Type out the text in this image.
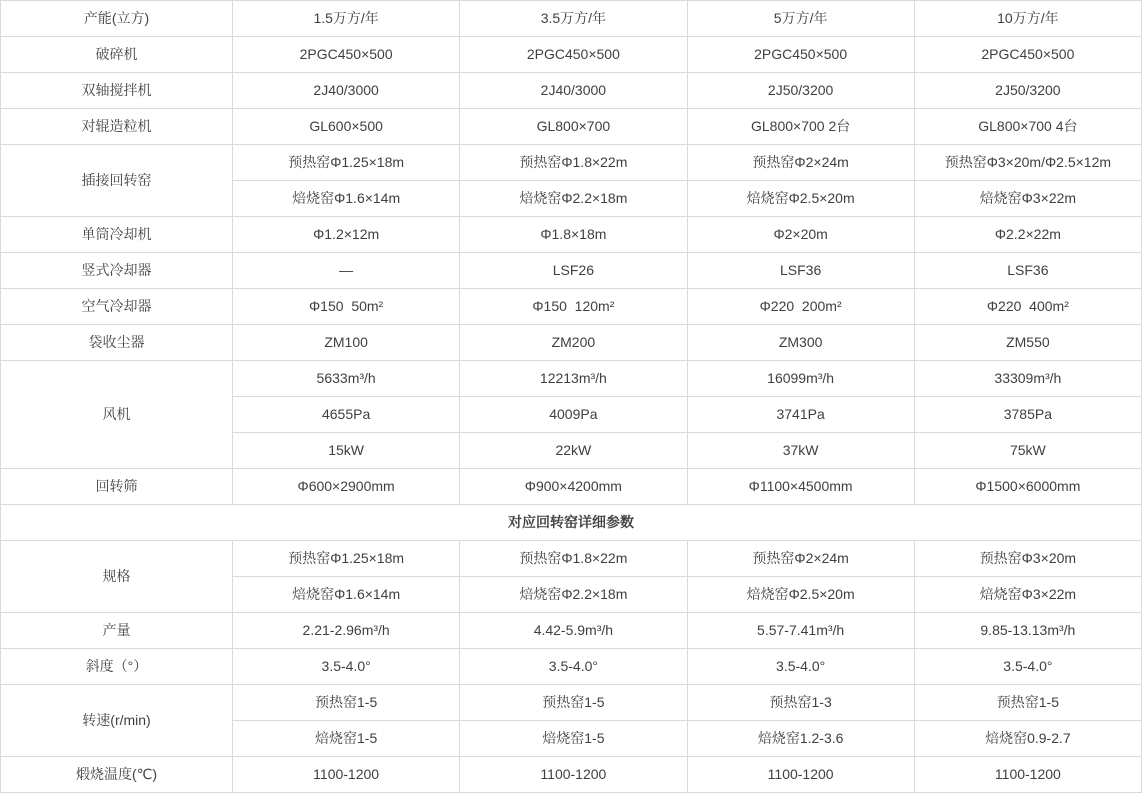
产能(立方)	1.5万方/年	3.5万方/年	5万方/年	10万方/年
破碎机	2PGC450×500	2PGC450×500	2PGC450×500	2PGC450×500
双轴搅拌机	2J40/3000	2J40/3000	2J50/3200	2J50/3200
对辊造粒机	GL600×500	GL800×700	GL800×700 2台	GL800×700 4台
插接回转窑	预热窑Φ1.25×18m	预热窑Φ1.8×22m	预热窑Φ2×24m	预热窑Φ3×20m/Φ2.5×12m
	焙烧窑Φ1.6×14m	焙烧窑Φ2.2×18m	焙烧窑Φ2.5×20m	焙烧窑Φ3×22m
单筒冷却机	Φ1.2×12m	Φ1.8×18m	Φ2×20m	Φ2.2×22m
竖式冷却器	—	LSF26	LSF36	LSF36
空气冷却器	Φ150  50m²	Φ150  120m²	Φ220  200m²	Φ220  400m²
袋收尘器	ZM100	ZM200	ZM300	ZM550
风机	5633m³/h	12213m³/h	16099m³/h	33309m³/h
	4655Pa	4009Pa	3741Pa	3785Pa
	15kW	22kW	37kW	75kW
回转筛	Φ600×2900mm	Φ900×4200mm	Φ1100×4500mm	Φ1500×6000mm
对应回转窑详细参数				
规格	预热窑Φ1.25×18m	预热窑Φ1.8×22m	预热窑Φ2×24m	预热窑Φ3×20m
	焙烧窑Φ1.6×14m	焙烧窑Φ2.2×18m	焙烧窑Φ2.5×20m	焙烧窑Φ3×22m
产量	2.21-2.96m³/h	4.42-5.9m³/h	5.57-7.41m³/h	9.85-13.13m³/h
斜度（°）	3.5-4.0°	3.5-4.0°	3.5-4.0°	3.5-4.0°
转速(r/min)	预热窑1-5	预热窑1-5	预热窑1-3	预热窑1-5
	焙烧窑1-5	焙烧窑1-5	焙烧窑1.2-3.6	焙烧窑0.9-2.7
煅烧温度(℃)	1100-1200	1100-1200	1100-1200	1100-1200
